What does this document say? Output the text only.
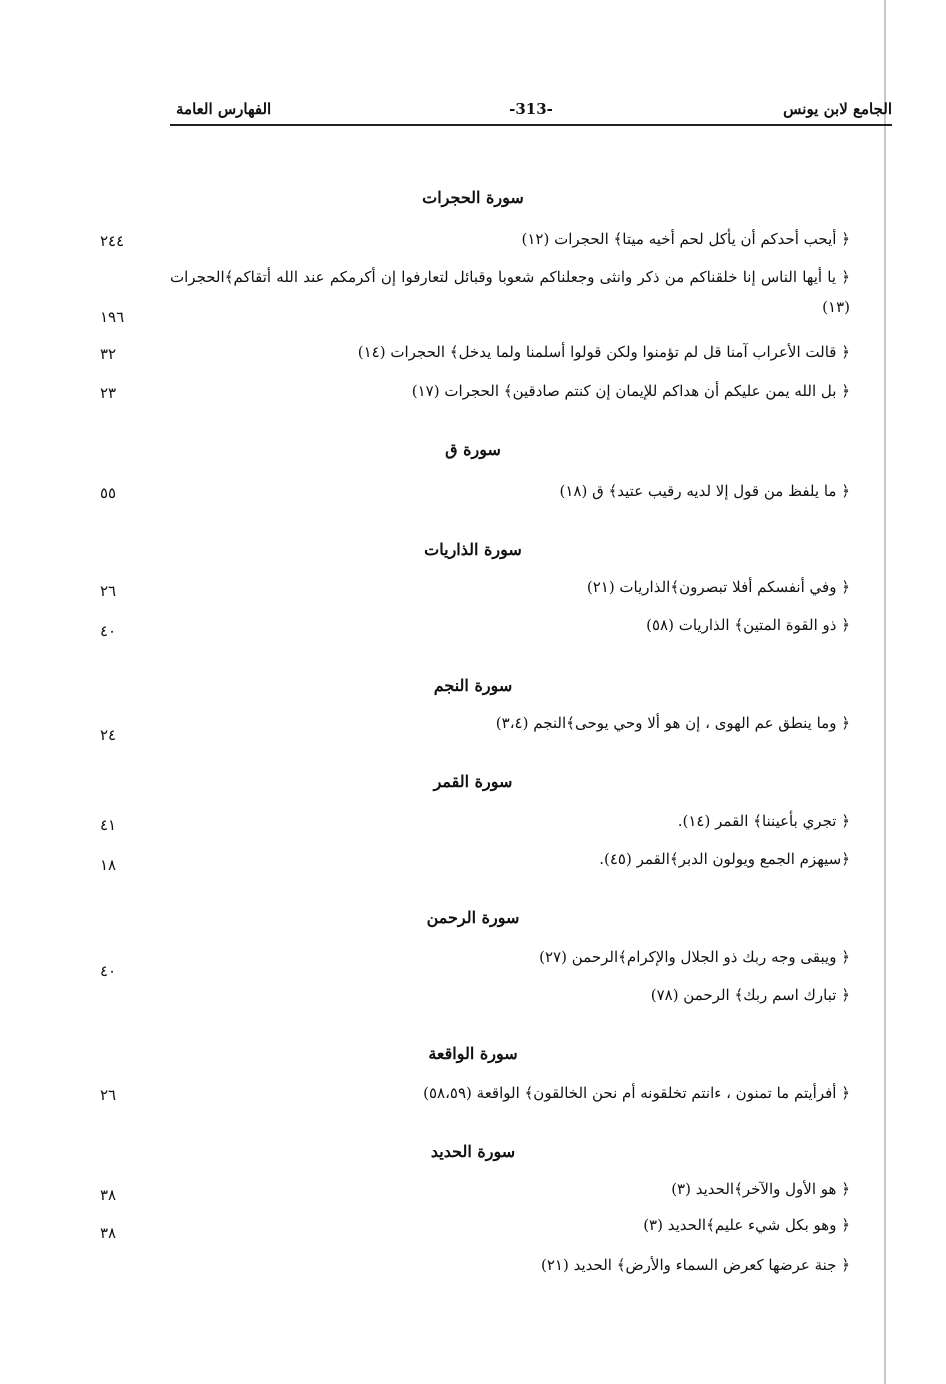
الجامع لابن يونس
-313-
الفهارس العامة
سورة الحجرات
﴿ أيحب أحدكم أن يأكل لحم أخيه ميتا﴾ الحجرات (١٢)
٢٤٤
﴿ يا أيها الناس إنا خلقناكم من ذكر وانثى وجعلناكم شعوبا وقبائل لتعارفوا إن أكرمكم عند الله أتقاكم﴾الحجرات (١٣)
١٩٦
﴿ قالت الأعراب آمنا قل لم تؤمنوا ولكن قولوا أسلمنا ولما يدخل﴾ الحجرات (١٤)
٣٢
﴿ بل الله يمن عليكم أن هداكم للإيمان إن كنتم صادقين﴾ الحجرات (١٧)
٢٣
سورة ق
﴿ ما يلفظ من قول إلا لديه رقيب عتيد﴾ ق (١٨)
٥٥
سورة الذاريات
﴿ وفي أنفسكم أفلا تبصرون﴾الذاريات (٢١)
٢٦
﴿ ذو القوة المتين﴾ الذاريات (٥٨)
٤٠
سورة النجم
﴿ وما ينطق عم الهوى ، إن هو ألا وحي يوحى﴾النجم (٣،٤)
٢٤
سورة القمر
﴿ تجري بأعيننا﴾ القمر (١٤).
٤١
﴿سيهزم الجمع ويولون الدبر﴾القمر (٤٥).
١٨
سورة الرحمن
﴿ ويبقى وجه ربك ذو الجلال والإكرام﴾الرحمن (٢٧)
٤٠
﴿ تبارك اسم ربك﴾ الرحمن (٧٨)
سورة الواقعة
﴿ أفرأيتم ما تمنون ، ءانتم تخلقونه أم نحن الخالقون﴾ الواقعة (٥٨،٥٩)
٢٦
سورة الحديد
﴿ هو الأول والآخر﴾الحديد (٣)
٣٨
﴿ وهو بكل شيء عليم﴾الحديد (٣)
٣٨
﴿ جنة عرضها كعرض السماء والأرض﴾ الحديد (٢١)
